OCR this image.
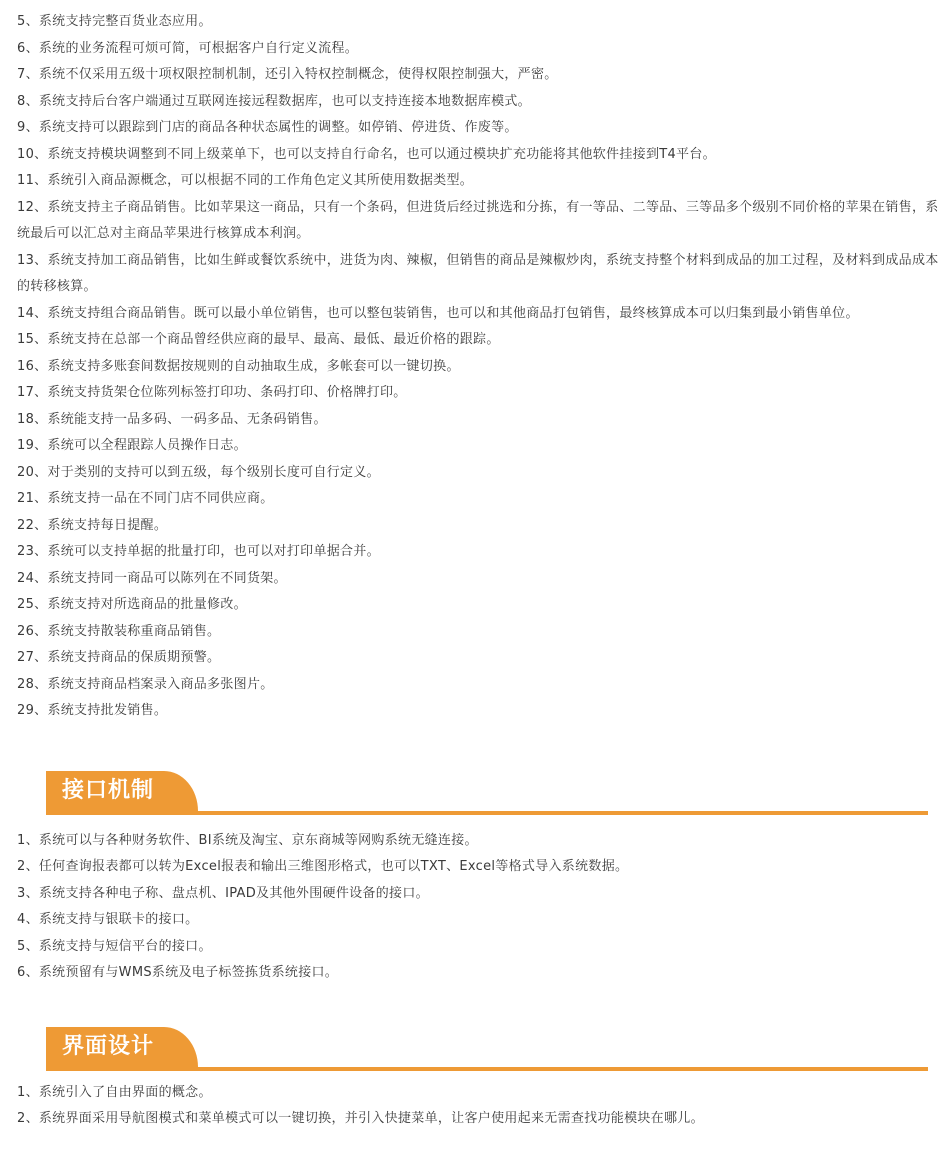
5、系统支持完整百货业态应用。
6、系统的业务流程可烦可简，可根据客户自行定义流程。
7、系统不仅采用五级十项权限控制机制，还引入特权控制概念，使得权限控制强大，严密。
8、系统支持后台客户端通过互联网连接远程数据库，也可以支持连接本地数据库模式。
9、系统支持可以跟踪到门店的商品各种状态属性的调整。如停销、停进货、作废等。
10、系统支持模块调整到不同上级菜单下，也可以支持自行命名，也可以通过模块扩充功能将其他软件挂接到T4平台。
11、系统引入商品源概念，可以根据不同的工作角色定义其所使用数据类型。
12、系统支持主子商品销售。比如苹果这一商品，只有一个条码，但进货后经过挑选和分拣，有一等品、二等品、三等品多个级别不同价格的苹果在销售，系统最后可以汇总对主商品苹果进行核算成本利润。
13、系统支持加工商品销售，比如生鲜或餐饮系统中，进货为肉、辣椒，但销售的商品是辣椒炒肉，系统支持整个材料到成品的加工过程，及材料到成品成本的转移核算。
14、系统支持组合商品销售。既可以最小单位销售，也可以整包装销售，也可以和其他商品打包销售，最终核算成本可以归集到最小销售单位。
15、系统支持在总部一个商品曾经供应商的最早、最高、最低、最近价格的跟踪。
16、系统支持多账套间数据按规则的自动抽取生成，多帐套可以一键切换。
17、系统支持货架仓位陈列标签打印功、条码打印、价格牌打印。
18、系统能支持一品多码、一码多品、无条码销售。
19、系统可以全程跟踪人员操作日志。
20、对于类别的支持可以到五级，每个级别长度可自行定义。
21、系统支持一品在不同门店不同供应商。
22、系统支持每日提醒。
23、系统可以支持单据的批量打印，也可以对打印单据合并。
24、系统支持同一商品可以陈列在不同货架。
25、系统支持对所选商品的批量修改。
26、系统支持散装称重商品销售。
27、系统支持商品的保质期预警。
28、系统支持商品档案录入商品多张图片。
29、系统支持批发销售。
接口机制
1、系统可以与各种财务软件、BI系统及淘宝、京东商城等网购系统无缝连接。
2、任何查询报表都可以转为Excel报表和输出三维图形格式，也可以TXT、Excel等格式导入系统数据。
3、系统支持各种电子称、盘点机、IPAD及其他外围硬件设备的接口。
4、系统支持与银联卡的接口。
5、系统支持与短信平台的接口。
6、系统预留有与WMS系统及电子标签拣货系统接口。
界面设计
1、系统引入了自由界面的概念。
2、系统界面采用导航图模式和菜单模式可以一键切换，并引入快捷菜单，让客户使用起来无需查找功能模块在哪儿。
